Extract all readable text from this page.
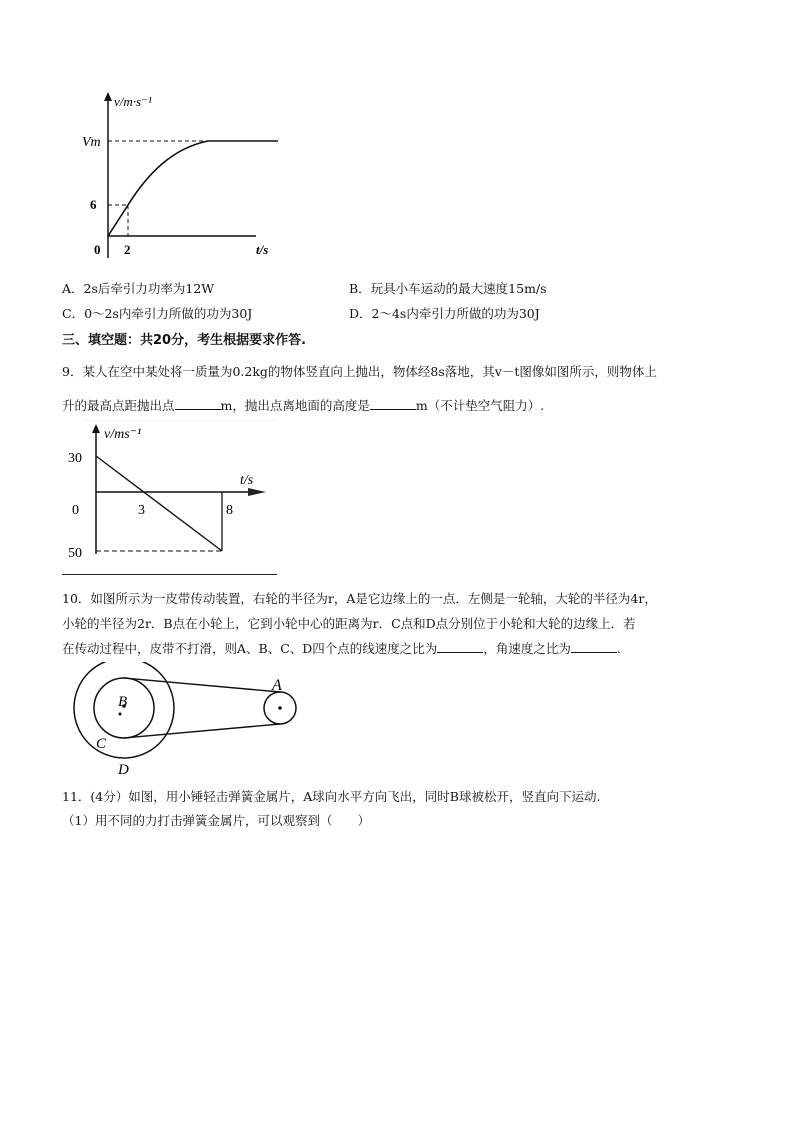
v/m·s⁻¹
Vm
6
0 2	t/s
A．2s后牵引力功率为12W	B．玩具小车运动的最大速度15m/s
C．0～2s内牵引力所做的功为30J	D．2～4s内牵引力所做的功为30J
三、填空题：共20分，考生根据要求作答.
9．某人在空中某处将一质量为0.2kg的物体竖直向上抛出，物体经8s落地，其v－t图像如图所示，则物体上
升的最高点距抛出点	m，抛出点离地面的高度是	m（不计垫空气阻力）.
v/ms⁻¹
30
0
50
3	8
t/s
10．如图所示为一皮带传动装置，右轮的半径为r，A是它边缘上的一点．左侧是一轮轴，大轮的半径为4r，
小轮的半径为2r．B点在小轮上，它到小轮中心的距离为r．C点和D点分别位于小轮和大轮的边缘上．若
在传动过程中，皮带不打滑，则A、B、C、D四个点的线速度之比为	，角速度之比为	.
A
B
C
D
11．(4分）如图，用小锤轻击弹簧金属片，A球向水平方向飞出，同时B球被松开，竖直向下运动.
（1）用不同的力打击弹簧金属片，可以观察到（　　）
